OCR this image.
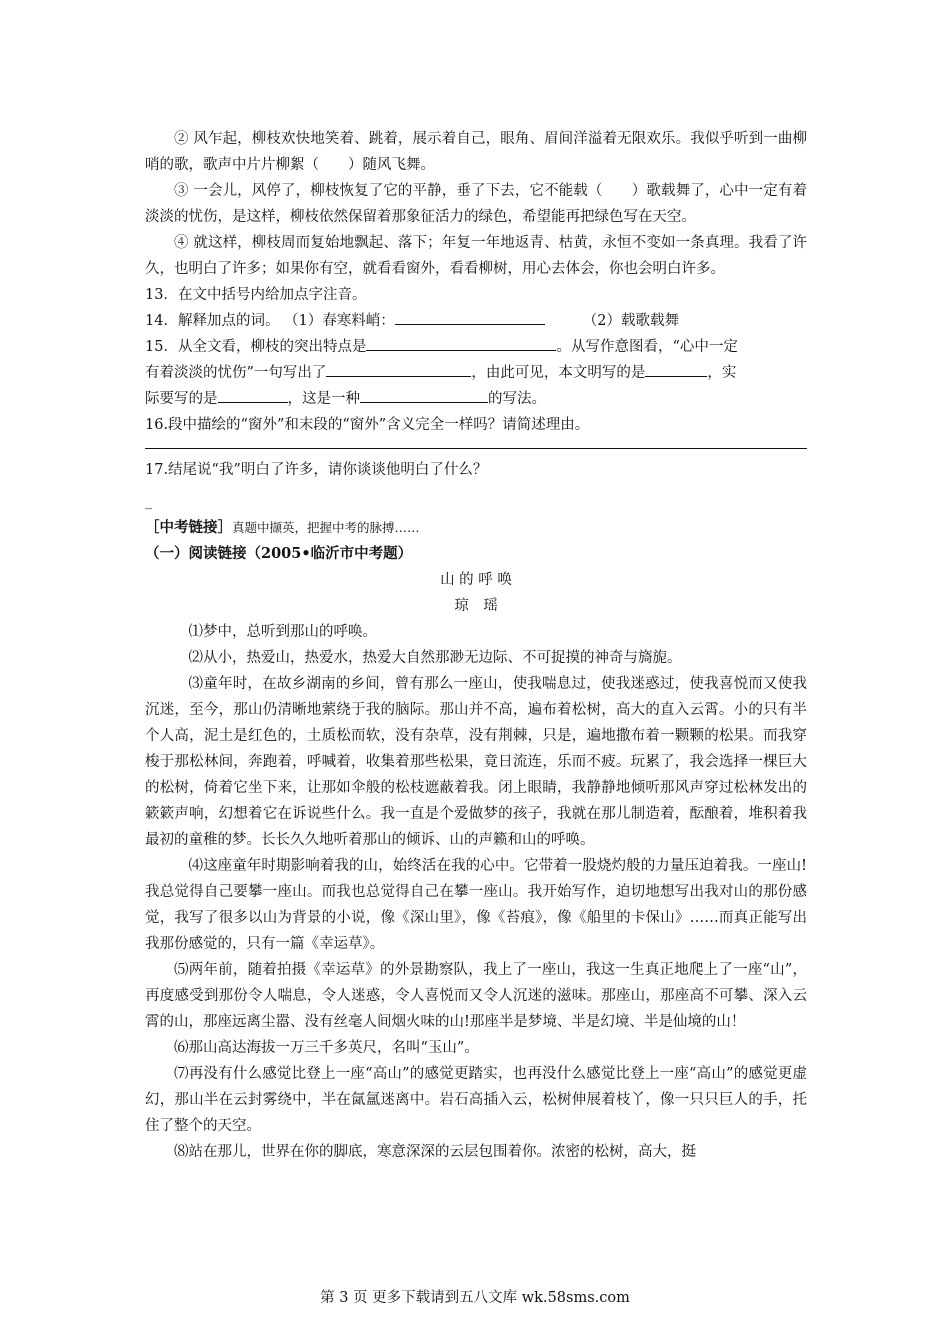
② 风乍起，柳枝欢快地笑着、跳着，展示着自己，眼角、眉间洋溢着无限欢乐。我似乎听到一曲柳哨的歌，歌声中片片柳絮（　　）随风飞舞。

③ 一会儿，风停了，柳枝恢复了它的平静，垂了下去，它不能载（　　）歌载舞了，心中一定有着淡淡的忧伤，是这样，柳枝依然保留着那象征活力的绿色，希望能再把绿色写在天空。

④ 就这样，柳枝周而复始地飘起、落下；年复一年地返青、枯黄，永恒不变如一条真理。我看了许久，也明白了许多；如果你有空，就看看窗外，看看柳树，用心去体会，你也会明白许多。

13．在文中括号内给加点字注音。

14．解释加点的词。 （1）春寒料峭：	（2）载歌载舞

15．从全文看，柳枝的突出特点是	。从写作意图看，“心中一定

有着淡淡的忧伤”一句写出了	，由此可见，本文明写的是	，实

际要写的是	，这是一种	的写法。

16.段中描绘的“窗外”和末段的“窗外”含义完全一样吗？请简述理由。

17.结尾说“我”明白了许多，请你谈谈他明白了什么？

_

［中考链接］真题中撷英，把握中考的脉搏……

（一）阅读链接（2005•临沂市中考题）

山 的 呼 唤

琼　瑶

⑴梦中，总听到那山的呼唤。

⑵从小，热爱山，热爱水，热爱大自然那渺无边际、不可捉摸的神奇与旖旎。

⑶童年时，在故乡湖南的乡间，曾有那么一座山，使我喘息过，使我迷惑过，使我喜悦而又使我沉迷，至今，那山仍清晰地萦绕于我的脑际。那山并不高，遍布着松树，高大的直入云霄。小的只有半个人高，泥土是红色的，土质松而软，没有杂草，没有荆棘，只是，遍地撒布着一颗颗的松果。而我穿梭于那松林间，奔跑着，呼喊着，收集着那些松果，竟日流连，乐而不疲。玩累了，我会选择一棵巨大的松树，倚着它坐下来，让那如伞般的松枝遮蔽着我。闭上眼睛，我静静地倾听那风声穿过松林发出的簌簌声响，幻想着它在诉说些什么。我一直是个爱做梦的孩子，我就在那儿制造着，酝酿着，堆积着我最初的童稚的梦。长长久久地听着那山的倾诉、山的声籁和山的呼唤。

⑷这座童年时期影响着我的山，始终活在我的心中。它带着一股烧灼般的力量压迫着我。一座山!我总觉得自己要攀一座山。而我也总觉得自己在攀一座山。我开始写作，迫切地想写出我对山的那份感觉，我写了很多以山为背景的小说，像《深山里》，像《苔痕》，像《船里的卡保山》……而真正能写出我那份感觉的，只有一篇《幸运草》。

⑸两年前，随着拍摄《幸运草》的外景勘察队，我上了一座山，我这一生真正地爬上了一座“山”，再度感受到那份令人喘息，令人迷惑，令人喜悦而又令人沉迷的滋味。那座山，那座高不可攀、深入云霄的山，那座远离尘嚣、没有丝毫人间烟火味的山!那座半是梦境、半是幻境、半是仙境的山！

⑹那山高达海拔一万三千多英尺，名叫“玉山”。

⑺再没有什么感觉比登上一座“高山”的感觉更踏实，也再没什么感觉比登上一座“高山”的感觉更虚幻，那山半在云封雾绕中，半在氤氲迷离中。岩石高插入云，松树伸展着枝丫，像一只只巨人的手，托住了整个的天空。

⑻站在那儿，世界在你的脚底，寒意深深的云层包围着你。浓密的松树，高大，挺

第 3 页 更多下载请到五八文库 wk.58sms.com
